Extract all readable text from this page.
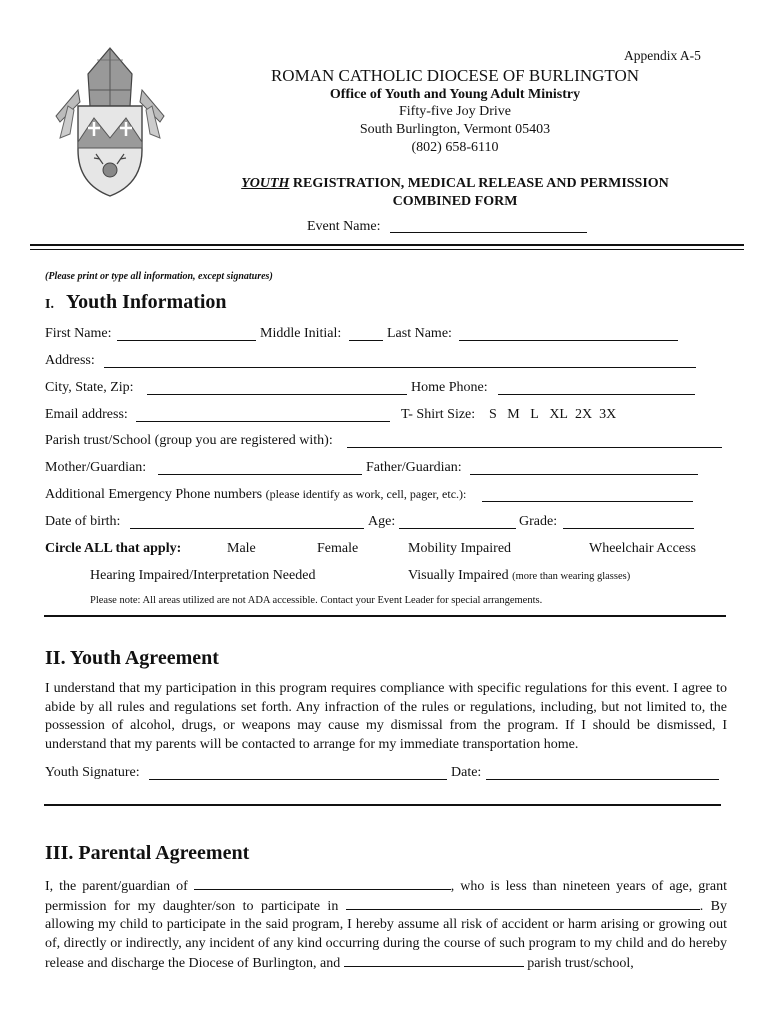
Appendix A-5
ROMAN CATHOLIC DIOCESE OF BURLINGTON
Office of Youth and Young Adult Ministry
Fifty-five Joy Drive
South Burlington, Vermont 05403
(802) 658-6110
YOUTH REGISTRATION, MEDICAL RELEASE AND PERMISSION
COMBINED FORM
Event Name:
(Please print or type all information, except signatures)
I. Youth Information
First Name:	Middle Initial:	Last Name:
Address:
City, State, Zip:	Home Phone:
Email address:	T- Shirt Size: S M L XL 2X 3X
Parish trust/School (group you are registered with):
Mother/Guardian:	Father/Guardian:
Additional Emergency Phone numbers (please identify as work, cell, pager, etc.):
Date of birth:	Age:	Grade:
Circle ALL that apply:	Male	Female	Mobility Impaired	Wheelchair Access
Hearing Impaired/Interpretation Needed	Visually Impaired (more than wearing glasses)
Please note: All areas utilized are not ADA accessible. Contact your Event Leader for special arrangements.
II. Youth Agreement
I understand that my participation in this program requires compliance with specific regulations for this event. I agree to abide by all rules and regulations set forth. Any infraction of the rules or regulations, including, but not limited to, the possession of alcohol, drugs, or weapons may cause my dismissal from the program. If I should be dismissed, I understand that my parents will be contacted to arrange for my immediate transportation home.
Youth Signature:	Date:
III. Parental Agreement
I, the parent/guardian of	, who is less than nineteen years of age, grant permission for my daughter/son to participate in	. By allowing my child to participate in the said program, I hereby assume all risk of accident or harm arising or growing out of, directly or indirectly, any incident of any kind occurring during the course of such program to my child and do hereby release and discharge the Diocese of Burlington, and	parish trust/school,
